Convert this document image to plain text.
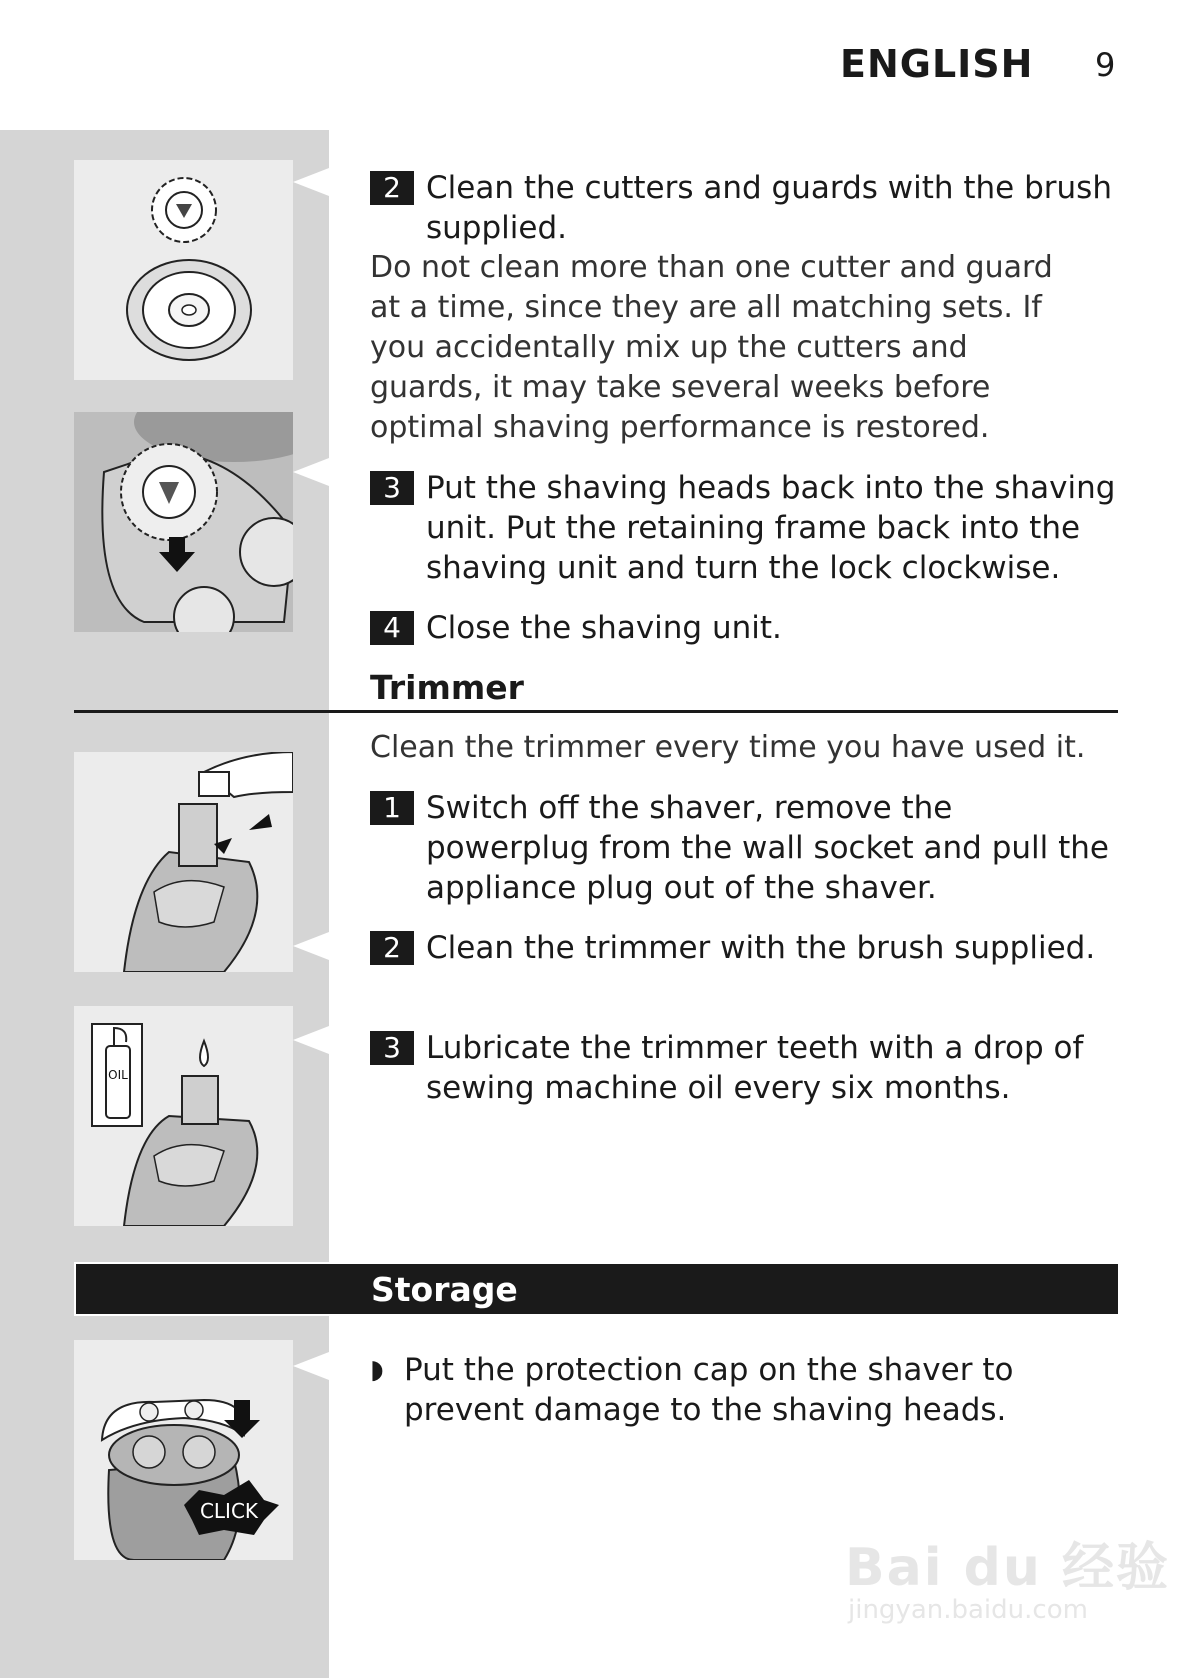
ENGLISH 9
2 Clean the cutters and guards with the brush supplied.
Do not clean more than one cutter and guard at a time, since they are all matching sets. If you accidentally mix up the cutters and guards, it may take several weeks before optimal shaving performance is restored.
3 Put the shaving heads back into the shaving unit. Put the retaining frame back into the shaving unit and turn the lock clockwise.
4 Close the shaving unit.
Trimmer
Clean the trimmer every time you have used it.
1 Switch off the shaver, remove the powerplug from the wall socket and pull the appliance plug out of the shaver.
2 Clean the trimmer with the brush supplied.
OIL
3 Lubricate the trimmer teeth with a drop of sewing machine oil every six months.
Storage
CLICK
◗ Put the protection cap on the shaver to prevent damage to the shaving heads.
Bai du 经验
jingyan.baidu.com
